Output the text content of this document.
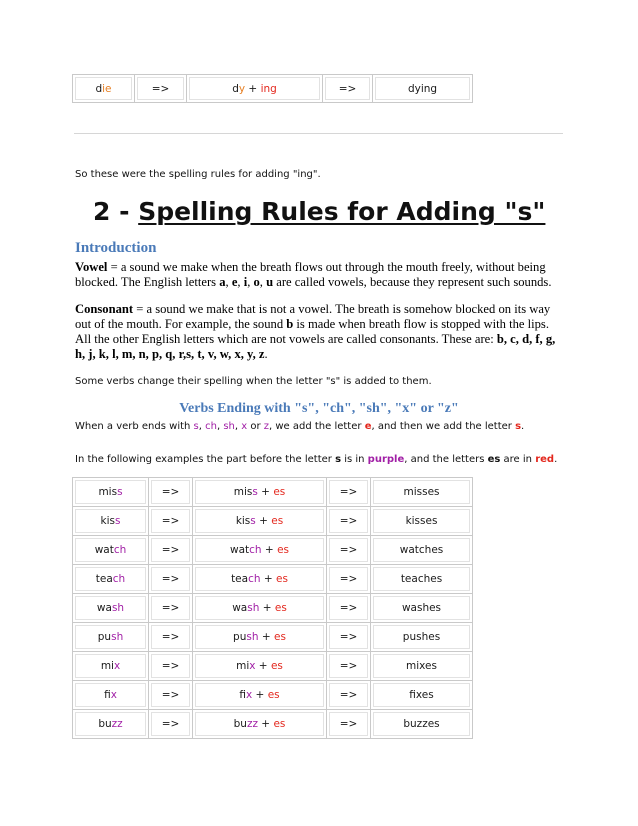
die	=>	dy + ing	=>	dying
So these were the spelling rules for adding "ing".
2 - Spelling Rules for Adding "s"
Introduction
Vowel = a sound we make when the breath flows out through the mouth freely, without being blocked. The English letters a, e, i, o, u are called vowels, because they represent such sounds.
Consonant = a sound we make that is not a vowel. The breath is somehow blocked on its way out of the mouth. For example, the sound b is made when breath flow is stopped with the lips. All the other English letters which are not vowels are called consonants. These are: b, c, d, f, g, h, j, k, l, m, n, p, q, r,s, t, v, w, x, y, z.
Some verbs change their spelling when the letter "s" is added to them.
Verbs Ending with "s", "ch", "sh", "x" or "z"
When a verb ends with s, ch, sh, x or z, we add the letter e, and then we add the letter s.
In the following examples the part before the letter s is in purple, and the letters es are in red.
miss	=>	miss + es	=>	misses
kiss	=>	kiss + es	=>	kisses
watch	=>	watch + es	=>	watches
teach	=>	teach + es	=>	teaches
wash	=>	wash + es	=>	washes
push	=>	push + es	=>	pushes
mix	=>	mix + es	=>	mixes
fix	=>	fix + es	=>	fixes
buzz	=>	buzz + es	=>	buzzes
